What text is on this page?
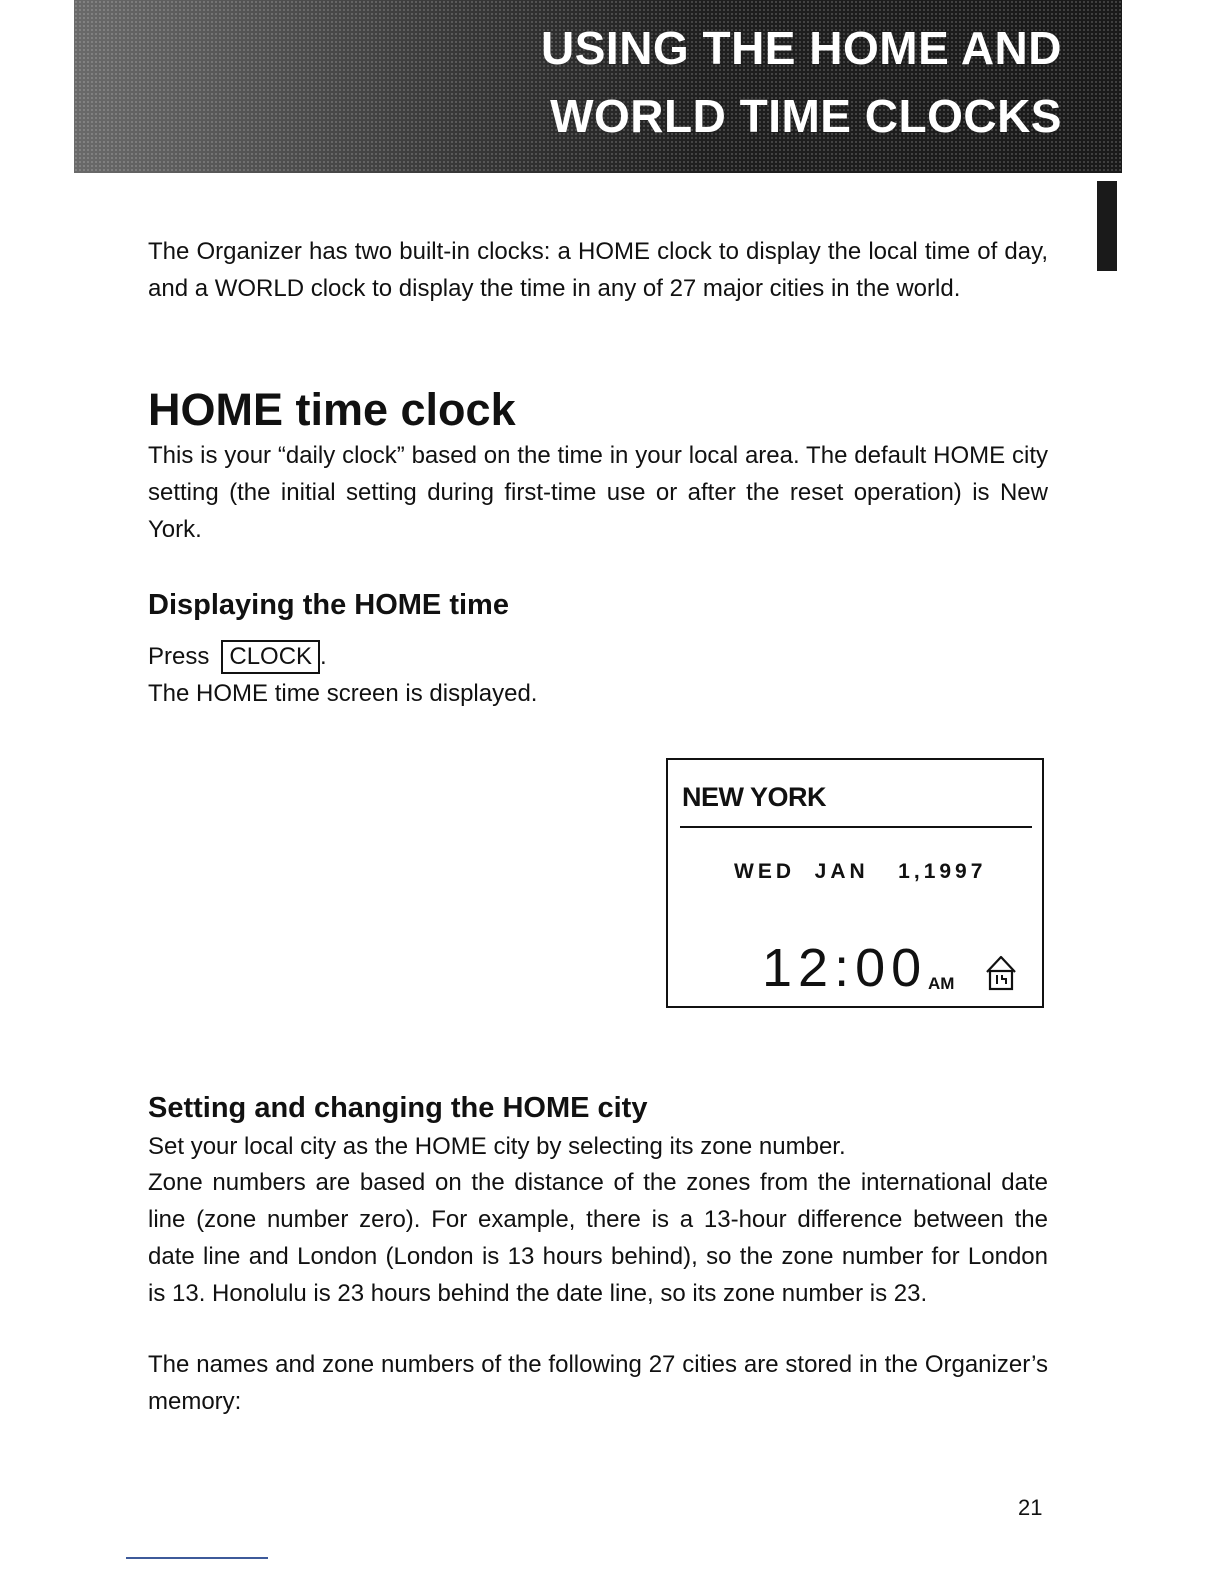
USING THE HOME AND
WORLD TIME CLOCKS

The Organizer has two built-in clocks: a HOME clock to display the local time of day, and a WORLD clock to display the time in any of 27 major cities in the world.

HOME time clock

This is your “daily clock” based on the time in your local area. The default HOME city setting (the initial setting during first-time use or after the reset operation) is New York.

Displaying the HOME time

Press CLOCK .

The HOME time screen is displayed.

NEW YORK
WED  JAN   1,1997
12:00 AM
Setting and changing the HOME city

Set your local city as the HOME city by selecting its zone number.

Zone numbers are based on the distance of the zones from the international date line (zone number zero). For example, there is a 13-hour difference between the date line and London (London is 13 hours behind), so the zone number for London is 13. Honolulu is 23 hours behind the date line, so its zone number is 23.

The names and zone numbers of the following 27 cities are stored in the Organizer’s memory:

21
